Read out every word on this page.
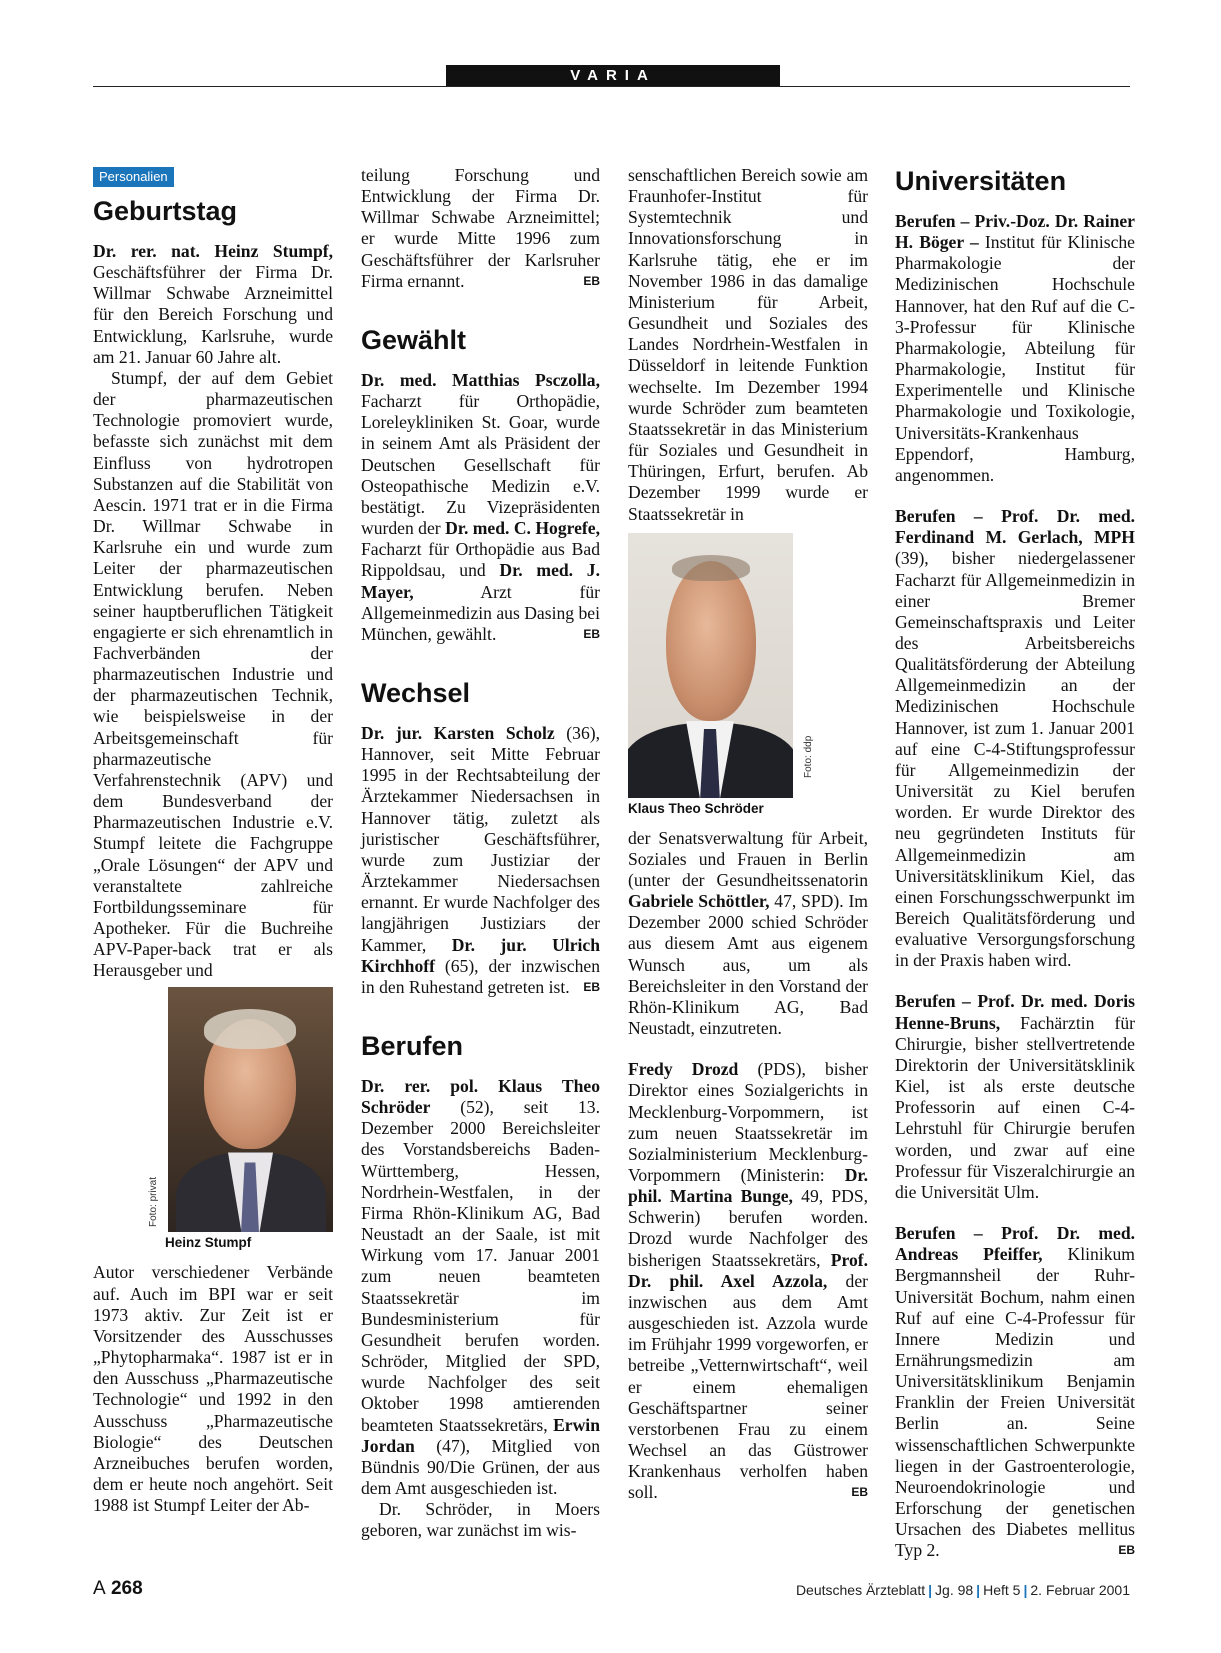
VARIA
Personalien
Geburtstag

Dr. rer. nat. Heinz Stumpf, Geschäftsführer der Firma Dr. Willmar Schwabe Arzneimittel für den Bereich Forschung und Entwicklung, Karlsruhe, wurde am 21. Januar 60 Jahre alt.

Stumpf, der auf dem Gebiet der pharmazeutischen Technologie promoviert wurde, befasste sich zunächst mit dem Einfluss von hydrotropen Substanzen auf die Stabilität von Aescin. 1971 trat er in die Firma Dr. Willmar Schwabe in Karlsruhe ein und wurde zum Leiter der pharmazeutischen Entwicklung berufen. Neben seiner hauptberuflichen Tätigkeit engagierte er sich ehrenamtlich in Fachverbänden der pharmazeutischen Industrie und der pharmazeutischen Technik, wie beispielsweise in der Arbeitsgemeinschaft für pharmazeutische Verfahrenstechnik (APV) und dem Bundesverband der Pharmazeutischen Industrie e.V. Stumpf leitete die Fachgruppe „Orale Lösungen“ der APV und veranstaltete zahlreiche Fortbildungsseminare für Apotheker. Für die Buchreihe APV-Paper-back trat er als Herausgeber und

Foto: privat
Heinz Stumpf

Autor verschiedener Verbände auf. Auch im BPI war er seit 1973 aktiv. Zur Zeit ist er Vorsitzender des Ausschusses „Phytopharmaka“. 1987 ist er in den Ausschuss „Pharmazeutische Technologie“ und 1992 in den Ausschuss „Pharmazeutische Biologie“ des Deutschen Arzneibuches berufen worden, dem er heute noch angehört. Seit 1988 ist Stumpf Leiter der Ab-

teilung Forschung und Entwicklung der Firma Dr. Willmar Schwabe Arzneimittel; er wurde Mitte 1996 zum Geschäftsführer der Karlsruher Firma ernannt.	EB

Gewählt

Dr. med. Matthias Psczolla, Facharzt für Orthopädie, Loreleykliniken St. Goar, wurde in seinem Amt als Präsident der Deutschen Gesellschaft für Osteopathische Medizin e.V. bestätigt. Zu Vizepräsidenten wurden der Dr. med. C. Hogrefe, Facharzt für Orthopädie aus Bad Rippoldsau, und Dr. med. J. Mayer, Arzt für Allgemeinmedizin aus Dasing bei München, gewählt.	EB

Wechsel

Dr. jur. Karsten Scholz (36), Hannover, seit Mitte Februar 1995 in der Rechtsabteilung der Ärztekammer Niedersachsen in Hannover tätig, zuletzt als juristischer Geschäftsführer, wurde zum Justiziar der Ärztekammer Niedersachsen ernannt. Er wurde Nachfolger des langjährigen Justiziars der Kammer, Dr. jur. Ulrich Kirchhoff (65), der inzwischen in den Ruhestand getreten ist. EB

Berufen

Dr. rer. pol. Klaus Theo Schröder (52), seit 13. Dezember 2000 Bereichsleiter des Vorstandsbereichs Baden-Württemberg, Hessen, Nordrhein-Westfalen, in der Firma Rhön-Klinikum AG, Bad Neustadt an der Saale, ist mit Wirkung vom 17. Januar 2001 zum neuen beamteten Staatssekretär im Bundesministerium für Gesundheit berufen worden. Schröder, Mitglied der SPD, wurde Nachfolger des seit Oktober 1998 amtierenden beamteten Staatssekretärs, Erwin Jordan (47), Mitglied von Bündnis 90/Die Grünen, der aus dem Amt ausgeschieden ist.

Dr. Schröder, in Moers geboren, war zunächst im wis-

senschaftlichen Bereich sowie am Fraunhofer-Institut für Systemtechnik und Innovationsforschung in Karlsruhe tätig, ehe er im November 1986 in das damalige Ministerium für Arbeit, Gesundheit und Soziales des Landes Nordrhein-Westfalen in Düsseldorf in leitende Funktion wechselte. Im Dezember 1994 wurde Schröder zum beamteten Staatssekretär in das Ministerium für Soziales und Gesundheit in Thüringen, Erfurt, berufen. Ab Dezember 1999 wurde er Staatssekretär in

Foto: ddp
Klaus Theo Schröder

der Senatsverwaltung für Arbeit, Soziales und Frauen in Berlin (unter der Gesundheitssenatorin Gabriele Schöttler, 47, SPD). Im Dezember 2000 schied Schröder aus diesem Amt aus eigenem Wunsch aus, um als Bereichsleiter in den Vorstand der Rhön-Klinikum AG, Bad Neustadt, einzutreten.

Fredy Drozd (PDS), bisher Direktor eines Sozialgerichts in Mecklenburg-Vorpommern, ist zum neuen Staatssekretär im Sozialministerium Mecklenburg-Vorpommern (Ministerin: Dr. phil. Martina Bunge, 49, PDS, Schwerin) berufen worden. Drozd wurde Nachfolger des bisherigen Staatssekretärs, Prof. Dr. phil. Axel Azzola, der inzwischen aus dem Amt ausgeschieden ist. Azzola wurde im Frühjahr 1999 vorgeworfen, er betreibe „Vetternwirtschaft“, weil er einem ehemaligen Geschäftspartner seiner verstorbenen Frau zu einem Wechsel an das Güstrower Krankenhaus verholfen haben soll.	EB

Universitäten

Berufen – Priv.-Doz. Dr. Rainer H. Böger – Institut für Klinische Pharmakologie der Medizinischen Hochschule Hannover, hat den Ruf auf die C-3-Professur für Klinische Pharmakologie, Abteilung für Pharmakologie, Institut für Experimentelle und Klinische Pharmakologie und Toxikologie, Universitäts-Krankenhaus Eppendorf, Hamburg, angenommen.

Berufen – Prof. Dr. med. Ferdinand M. Gerlach, MPH (39), bisher niedergelassener Facharzt für Allgemeinmedizin in einer Bremer Gemeinschaftspraxis und Leiter des Arbeitsbereichs Qualitätsförderung der Abteilung Allgemeinmedizin an der Medizinischen Hochschule Hannover, ist zum 1. Januar 2001 auf eine C-4-Stiftungsprofessur für Allgemeinmedizin der Universität zu Kiel berufen worden. Er wurde Direktor des neu gegründeten Instituts für Allgemeinmedizin am Universitätsklinikum Kiel, das einen Forschungsschwerpunkt im Bereich Qualitätsförderung und evaluative Versorgungsforschung in der Praxis haben wird.

Berufen – Prof. Dr. med. Doris Henne-Bruns, Fachärztin für Chirurgie, bisher stellvertretende Direktorin der Universitätsklinik Kiel, ist als erste deutsche Professorin auf einen C-4-Lehrstuhl für Chirurgie berufen worden, und zwar auf eine Professur für Viszeralchirurgie an die Universität Ulm.

Berufen – Prof. Dr. med. Andreas Pfeiffer, Klinikum Bergmannsheil der Ruhr-Universität Bochum, nahm einen Ruf auf eine C-4-Professur für Innere Medizin und Ernährungsmedizin am Universitätsklinikum Benjamin Franklin der Freien Universität Berlin an. Seine wissenschaftlichen Schwerpunkte liegen in der Gastroenterologie, Neuroendokrinologie und Erforschung der genetischen Ursachen des Diabetes mellitus Typ 2.	EB

A 268	Deutsches Ärzteblatt | Jg. 98 | Heft 5 | 2. Februar 2001
